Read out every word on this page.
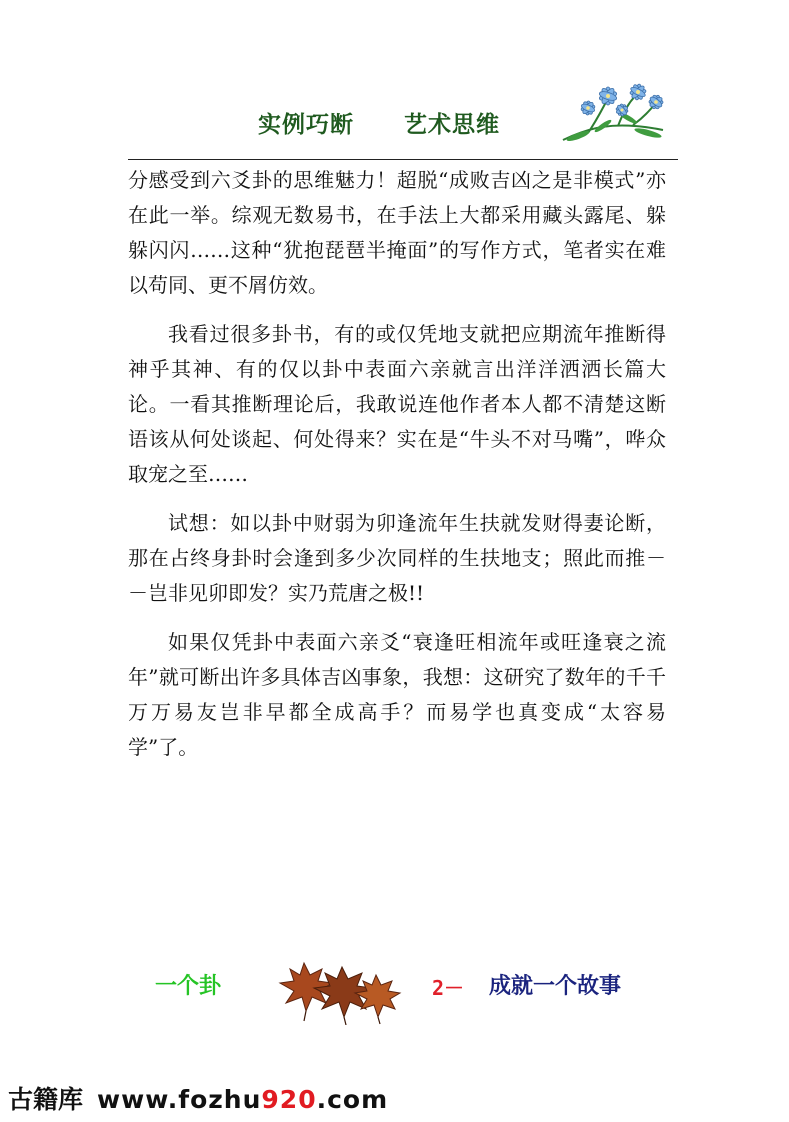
实例巧断 艺术思维

分感受到六爻卦的思维魅力！超脱“成败吉凶之是非模式”亦在此一举。综观无数易书，在手法上大都采用藏头露尾、躲躲闪闪……这种“犹抱琵琶半掩面”的写作方式，笔者实在难以苟同、更不屑仿效。

我看过很多卦书，有的或仅凭地支就把应期流年推断得神乎其神、有的仅以卦中表面六亲就言出洋洋洒洒长篇大论。一看其推断理论后，我敢说连他作者本人都不清楚这断语该从何处谈起、何处得来？实在是“牛头不对马嘴”，哗众取宠之至……

试想：如以卦中财弱为卯逢流年生扶就发财得妻论断，那在占终身卦时会逢到多少次同样的生扶地支；照此而推－－岂非见卯即发？实乃荒唐之极!!

如果仅凭卦中表面六亲爻“衰逢旺相流年或旺逢衰之流年”就可断出许多具体吉凶事象，我想：这研究了数年的千千万万易友岂非早都全成高手？而易学也真变成“太容易学”了。

一个卦	2－ 成就一个故事
古籍库 www.fozhu920.com
